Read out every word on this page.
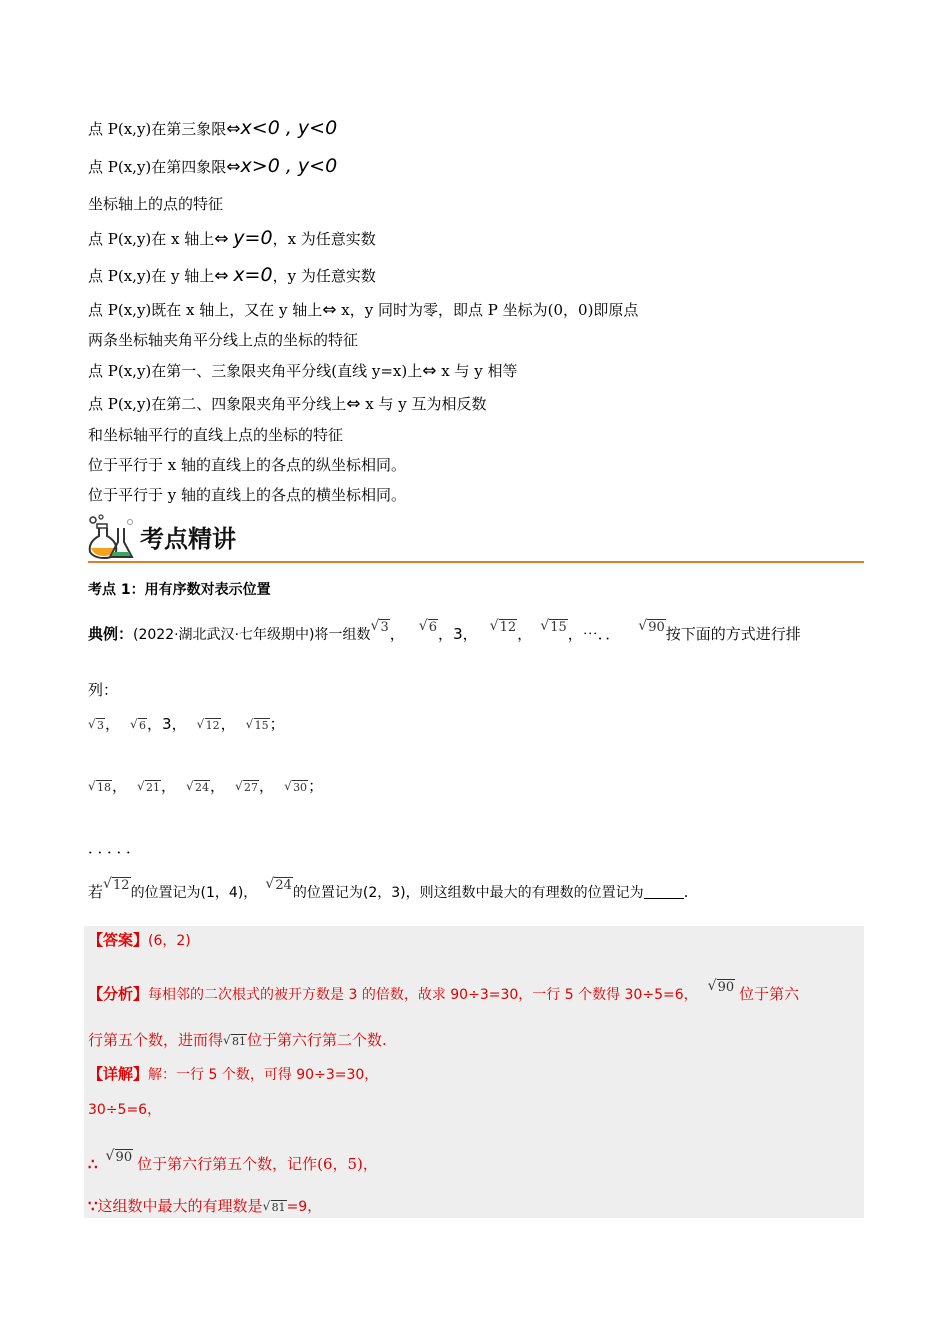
点 P(x,y)在第三象限⇔x<0 , y<0
点 P(x,y)在第四象限⇔x>0 , y<0
坐标轴上的点的特征
点 P(x,y)在 x 轴上⇔ y=0，x 为任意实数
点 P(x,y)在 y 轴上⇔ x=0，y 为任意实数
点 P(x,y)既在 x 轴上，又在 y 轴上⇔ x，y 同时为零，即点 P 坐标为(0，0)即原点
两条坐标轴夹角平分线上点的坐标的特征
点 P(x,y)在第一、三象限夹角平分线(直线 y=x)上⇔ x 与 y 相等
点 P(x,y)在第二、四象限夹角平分线上⇔ x 与 y 互为相反数
和坐标轴平行的直线上点的坐标的特征
位于平行于 x 轴的直线上的各点的纵坐标相同。
位于平行于 y 轴的直线上的各点的横坐标相同。
考点精讲
考点 1：用有序数对表示位置
典例：(2022·湖北武汉·七年级期中)将一组数
√ 3， √ 6，3， √ 12， √ 15，⋯．． √ 90按下面的方式进行排
列：
√ 3， √ 6，3， √ 12， √ 15；
√ 18， √ 21， √ 24， √ 27， √ 30；
．．．．．
若 √ 12的位置记为(1，4)，
√ 24的位置记为(2，3)，则这组数中最大的有理数的位置记为	.
【答案】(6，2)
【分析】每相邻的二次根式的被开方数是 3 的倍数，故求 90÷3=30，一行 5 个数得 30÷5=6，
√ 90 位于第六
行第五个数，进而得 √ 81位于第六行第二个数.
【详解】解：一行 5 个数，可得 90÷3=30，
30÷5=6，
∴ √ 90 位于第六行第五个数，记作(6，5)，
∵这组数中最大的有理数是 √ 81=9，
